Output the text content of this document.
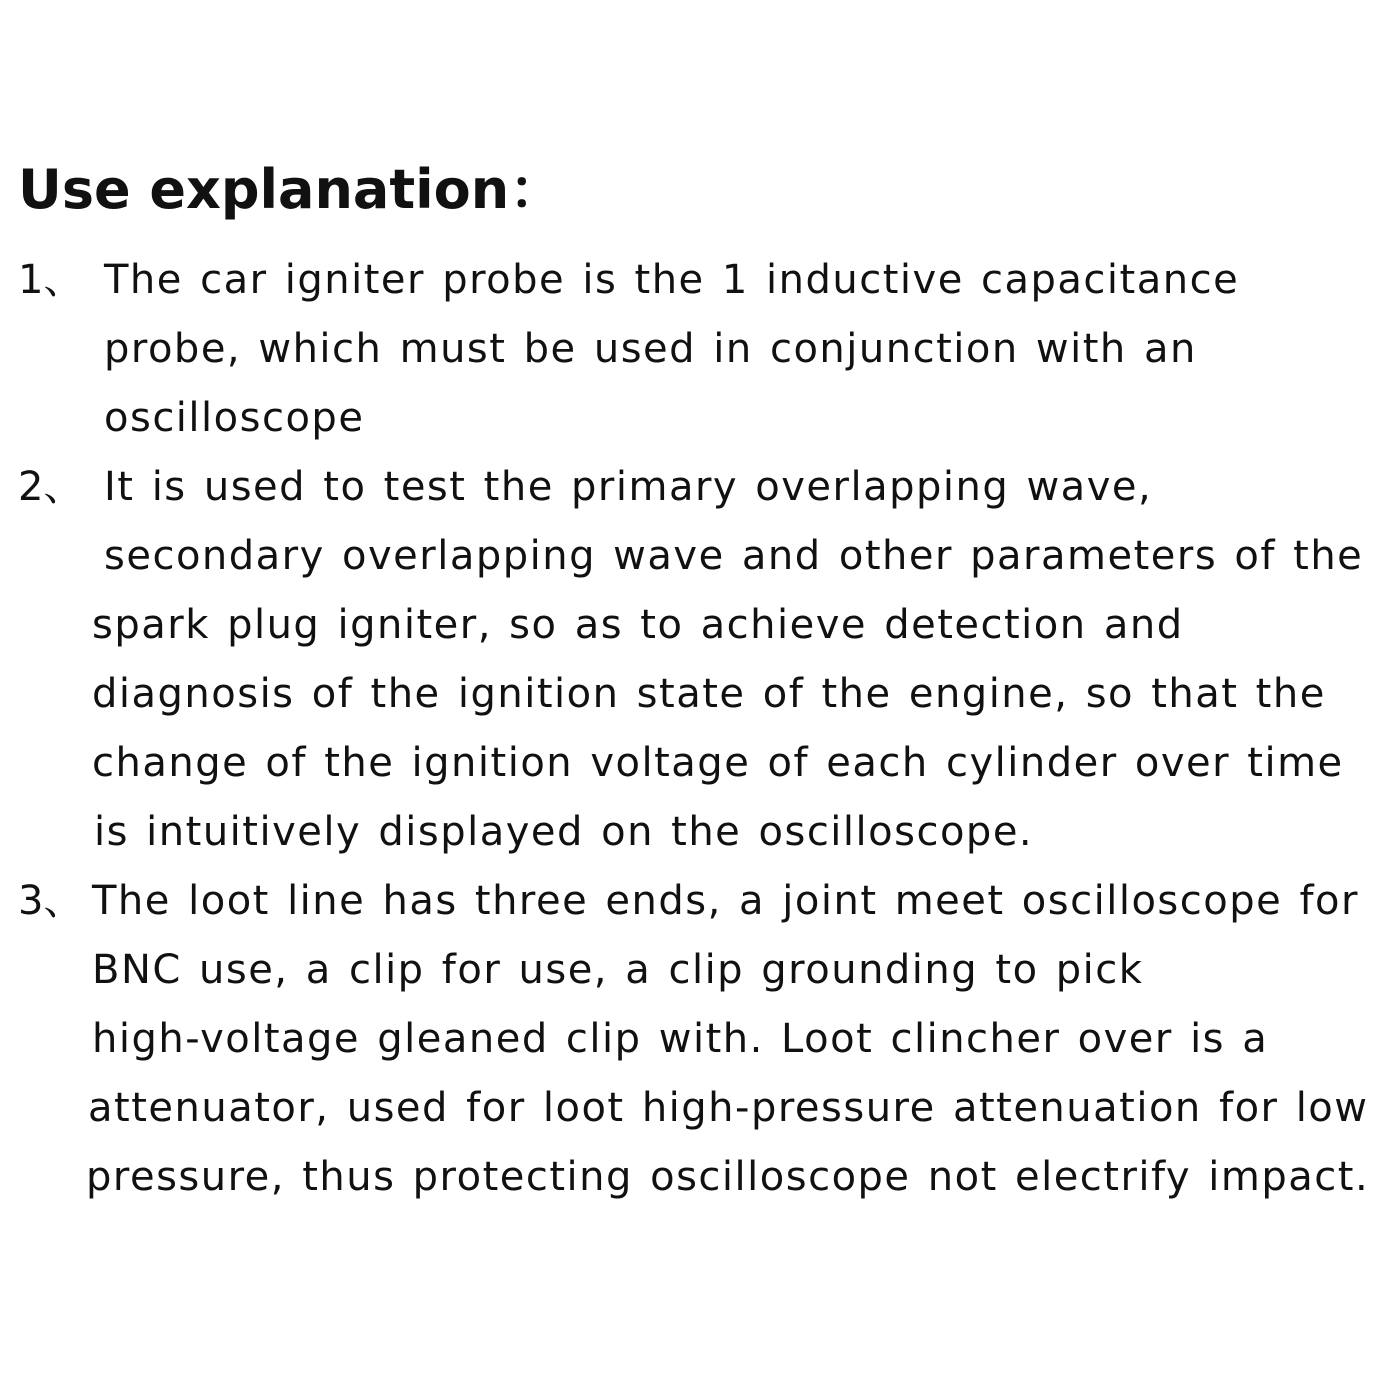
Use explanation：
1、 The car igniter probe is the 1 inductive capacitance

probe, which must be used in conjunction with an

oscilloscope

2、 It is used to test the primary overlapping wave,

secondary overlapping wave and other parameters of the

spark plug igniter, so as to achieve detection and

diagnosis of the ignition state of the engine, so that the

change of the ignition voltage of each cylinder over time

is intuitively displayed on the oscilloscope.

3、 The loot line has three ends, a joint meet oscilloscope for

BNC use, a clip for use, a clip grounding to pick

high-voltage gleaned clip with. Loot clincher over is a

attenuator, used for loot high-pressure attenuation for low

pressure, thus protecting oscilloscope not electrify impact.
